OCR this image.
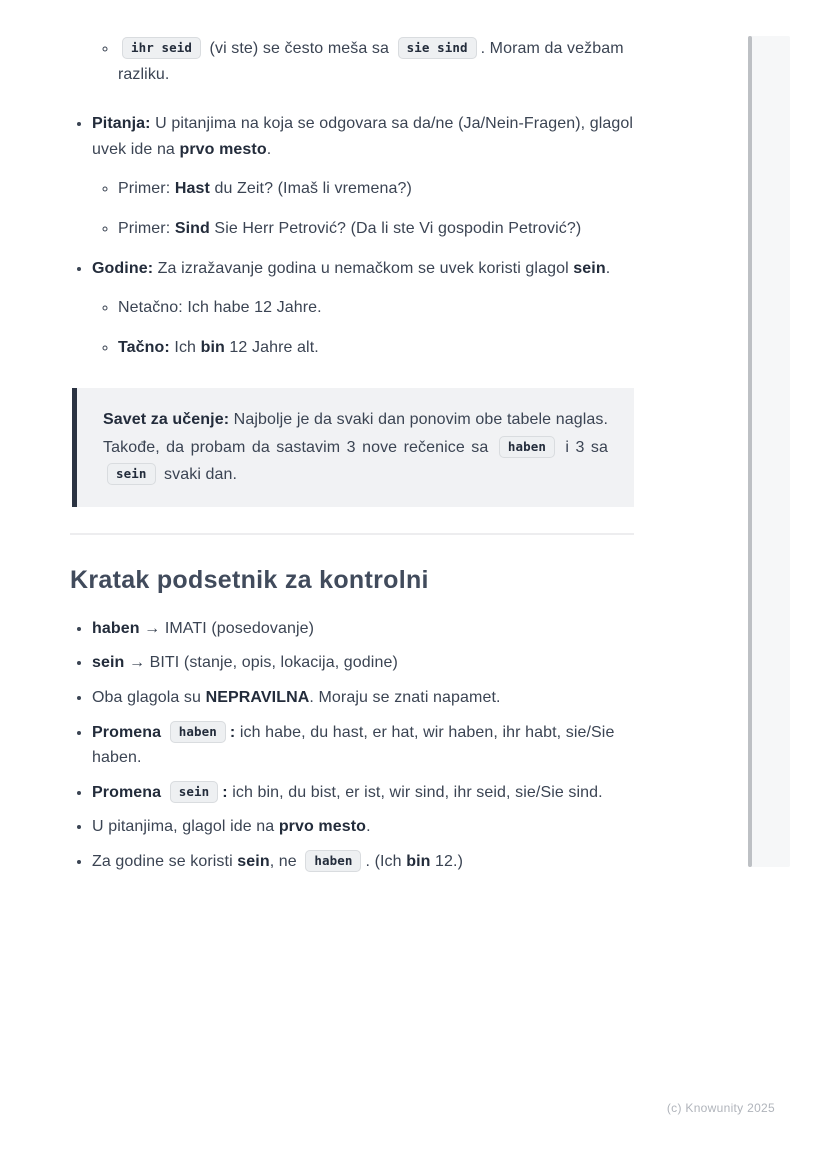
◦ ihr seid (vi ste) se često meša sa sie sind . Moram da vežbam razliku.
• Pitanja: U pitanjima na koja se odgovara sa da/ne (Ja/Nein-Fragen), glagol uvek ide na prvo mesto.
◦ Primer: Hast du Zeit? (Imaš li vremena?)
◦ Primer: Sind Sie Herr Petrović? (Da li ste Vi gospodin Petrović?)
• Godine: Za izražavanje godina u nemačkom se uvek koristi glagol sein.
◦ Netačno: Ich habe 12 Jahre.
◦ Tačno: Ich bin 12 Jahre alt.

Savet za učenje: Najbolje je da svaki dan ponovim obe tabele naglas. Takođe, da probam da sastavim 3 nove rečenice sa haben i 3 sa sein svaki dan.

Kratak podsetnik za kontrolni
• haben → IMATI (posedovanje)
• sein → BITI (stanje, opis, lokacija, godine)
• Oba glagola su NEPRAVILNA. Moraju se znati napamet.
• Promena haben : ich habe, du hast, er hat, wir haben, ihr habt, sie/Sie haben.
• Promena sein : ich bin, du bist, er ist, wir sind, ihr seid, sie/Sie sind.
• U pitanjima, glagol ide na prvo mesto.
• Za godine se koristi sein, ne haben . (Ich bin 12.)
(c) Knowunity 2025
